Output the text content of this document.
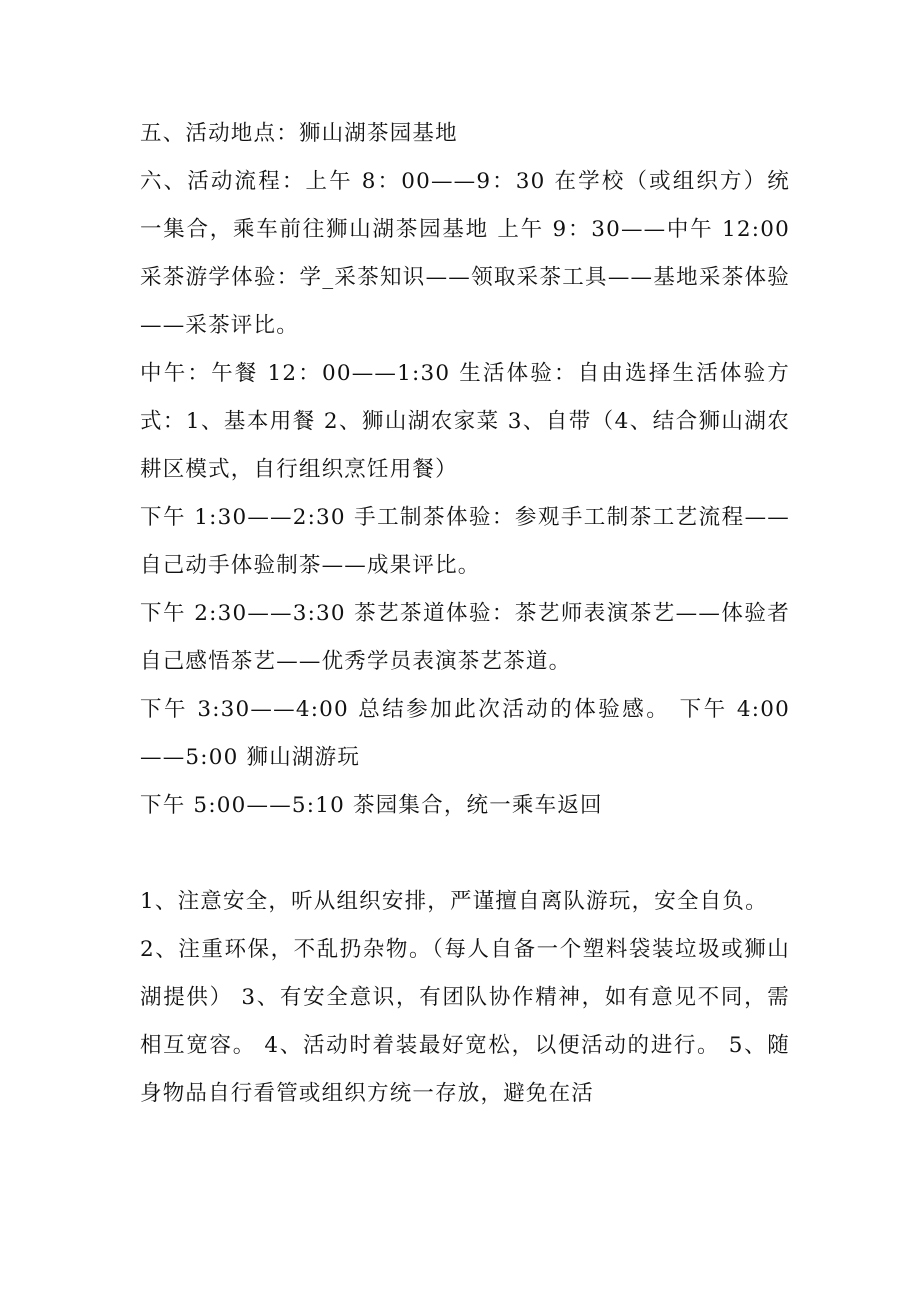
五、活动地点：狮山湖茶园基地

六、活动流程：上午 8：00——9：30 在学校（或组织方）统一集合，乘车前往狮山湖茶园基地 上午 9：30——中午 12:00 采茶游学体验：学_采茶知识——领取采茶工具——基地采茶体验——采茶评比。

中午：午餐 12：00——1:30 生活体验：自由选择生活体验方式：1、基本用餐 2、狮山湖农家菜 3、自带（4、结合狮山湖农耕区模式，自行组织烹饪用餐）

下午 1:30——2:30 手工制茶体验：参观手工制茶工艺流程——自己动手体验制茶——成果评比。

下午 2:30——3:30 茶艺茶道体验：茶艺师表演茶艺——体验者自己感悟茶艺——优秀学员表演茶艺茶道。

下午 3:30——4:00 总结参加此次活动的体验感。 下午 4:00——5:00 狮山湖游玩

下午 5:00——5:10 茶园集合，统一乘车返回

1、注意安全，听从组织安排，严谨擅自离队游玩，安全自负。

2、注重环保，不乱扔杂物。（每人自备一个塑料袋装垃圾或狮山湖提供） 3、有安全意识，有团队协作精神，如有意见不同，需相互宽容。 4、活动时着装最好宽松，以便活动的进行。 5、随身物品自行看管或组织方统一存放，避免在活
